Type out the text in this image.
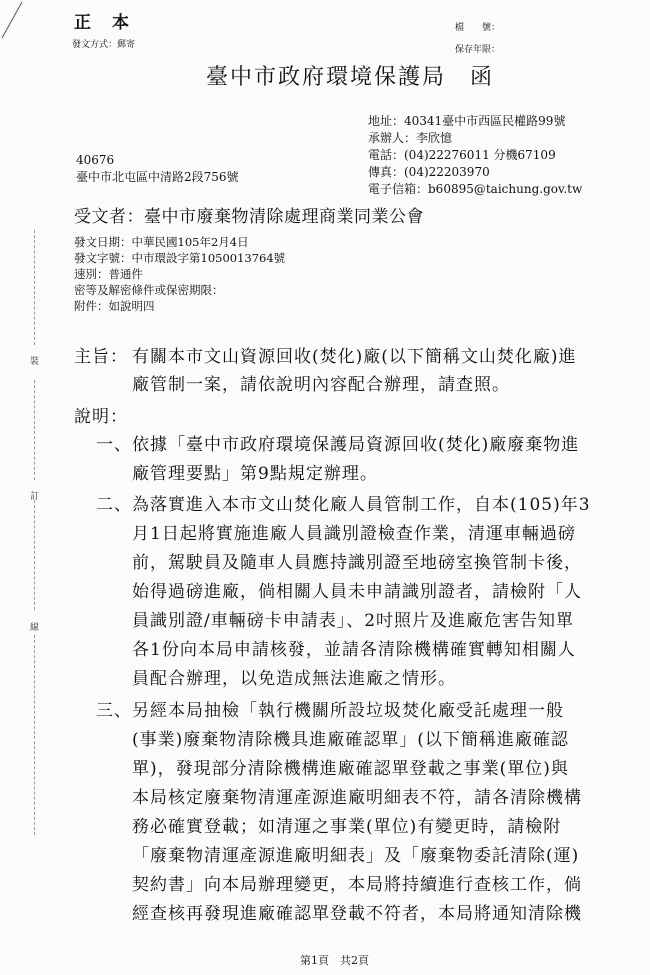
裝
訂
線
正　本
發文方式：郵寄
檔　　號：
保存年限：
臺中市政府環境保護局　函
地址：40341臺中市西區民權路99號
承辦人：李欣憶
電話：(04)22276011 分機67109
傳真：(04)22203970
電子信箱：b60895@taichung.gov.tw
40676
臺中市北屯區中清路2段756號
受文者：臺中市廢棄物清除處理商業同業公會
發文日期：中華民國105年2月4日
發文字號：中市環設字第1050013764號
速別：普通件
密等及解密條件或保密期限：
附件：如說明四
主旨： 有關本市文山資源回收(焚化)廠(以下簡稱文山焚化廠)進
廠管制一案，請依說明內容配合辦理，請查照。
說明：
一、 依據「臺中市政府環境保護局資源回收(焚化)廠廢棄物進
廠管理要點」第9點規定辦理。
二、 為落實進入本市文山焚化廠人員管制工作，自本(105)年3
月1日起將實施進廠人員識別證檢查作業，清運車輛過磅
前，駕駛員及隨車人員應持識別證至地磅室換管制卡後，
始得過磅進廠，倘相關人員未申請識別證者，請檢附「人
員識別證/車輛磅卡申請表」、2吋照片及進廠危害告知單
各1份向本局申請核發，並請各清除機構確實轉知相關人
員配合辦理，以免造成無法進廠之情形。
三、 另經本局抽檢「執行機關所設垃圾焚化廠受託處理一般
(事業)廢棄物清除機具進廠確認單」(以下簡稱進廠確認
單)，發現部分清除機構進廠確認單登載之事業(單位)與
本局核定廢棄物清運產源進廠明細表不符，請各清除機構
務必確實登載；如清運之事業(單位)有變更時，請檢附
「廢棄物清運產源進廠明細表」及「廢棄物委託清除(運)
契約書」向本局辦理變更，本局將持續進行查核工作，倘
經查核再發現進廠確認單登載不符者，本局將通知清除機
第1頁　共2頁
